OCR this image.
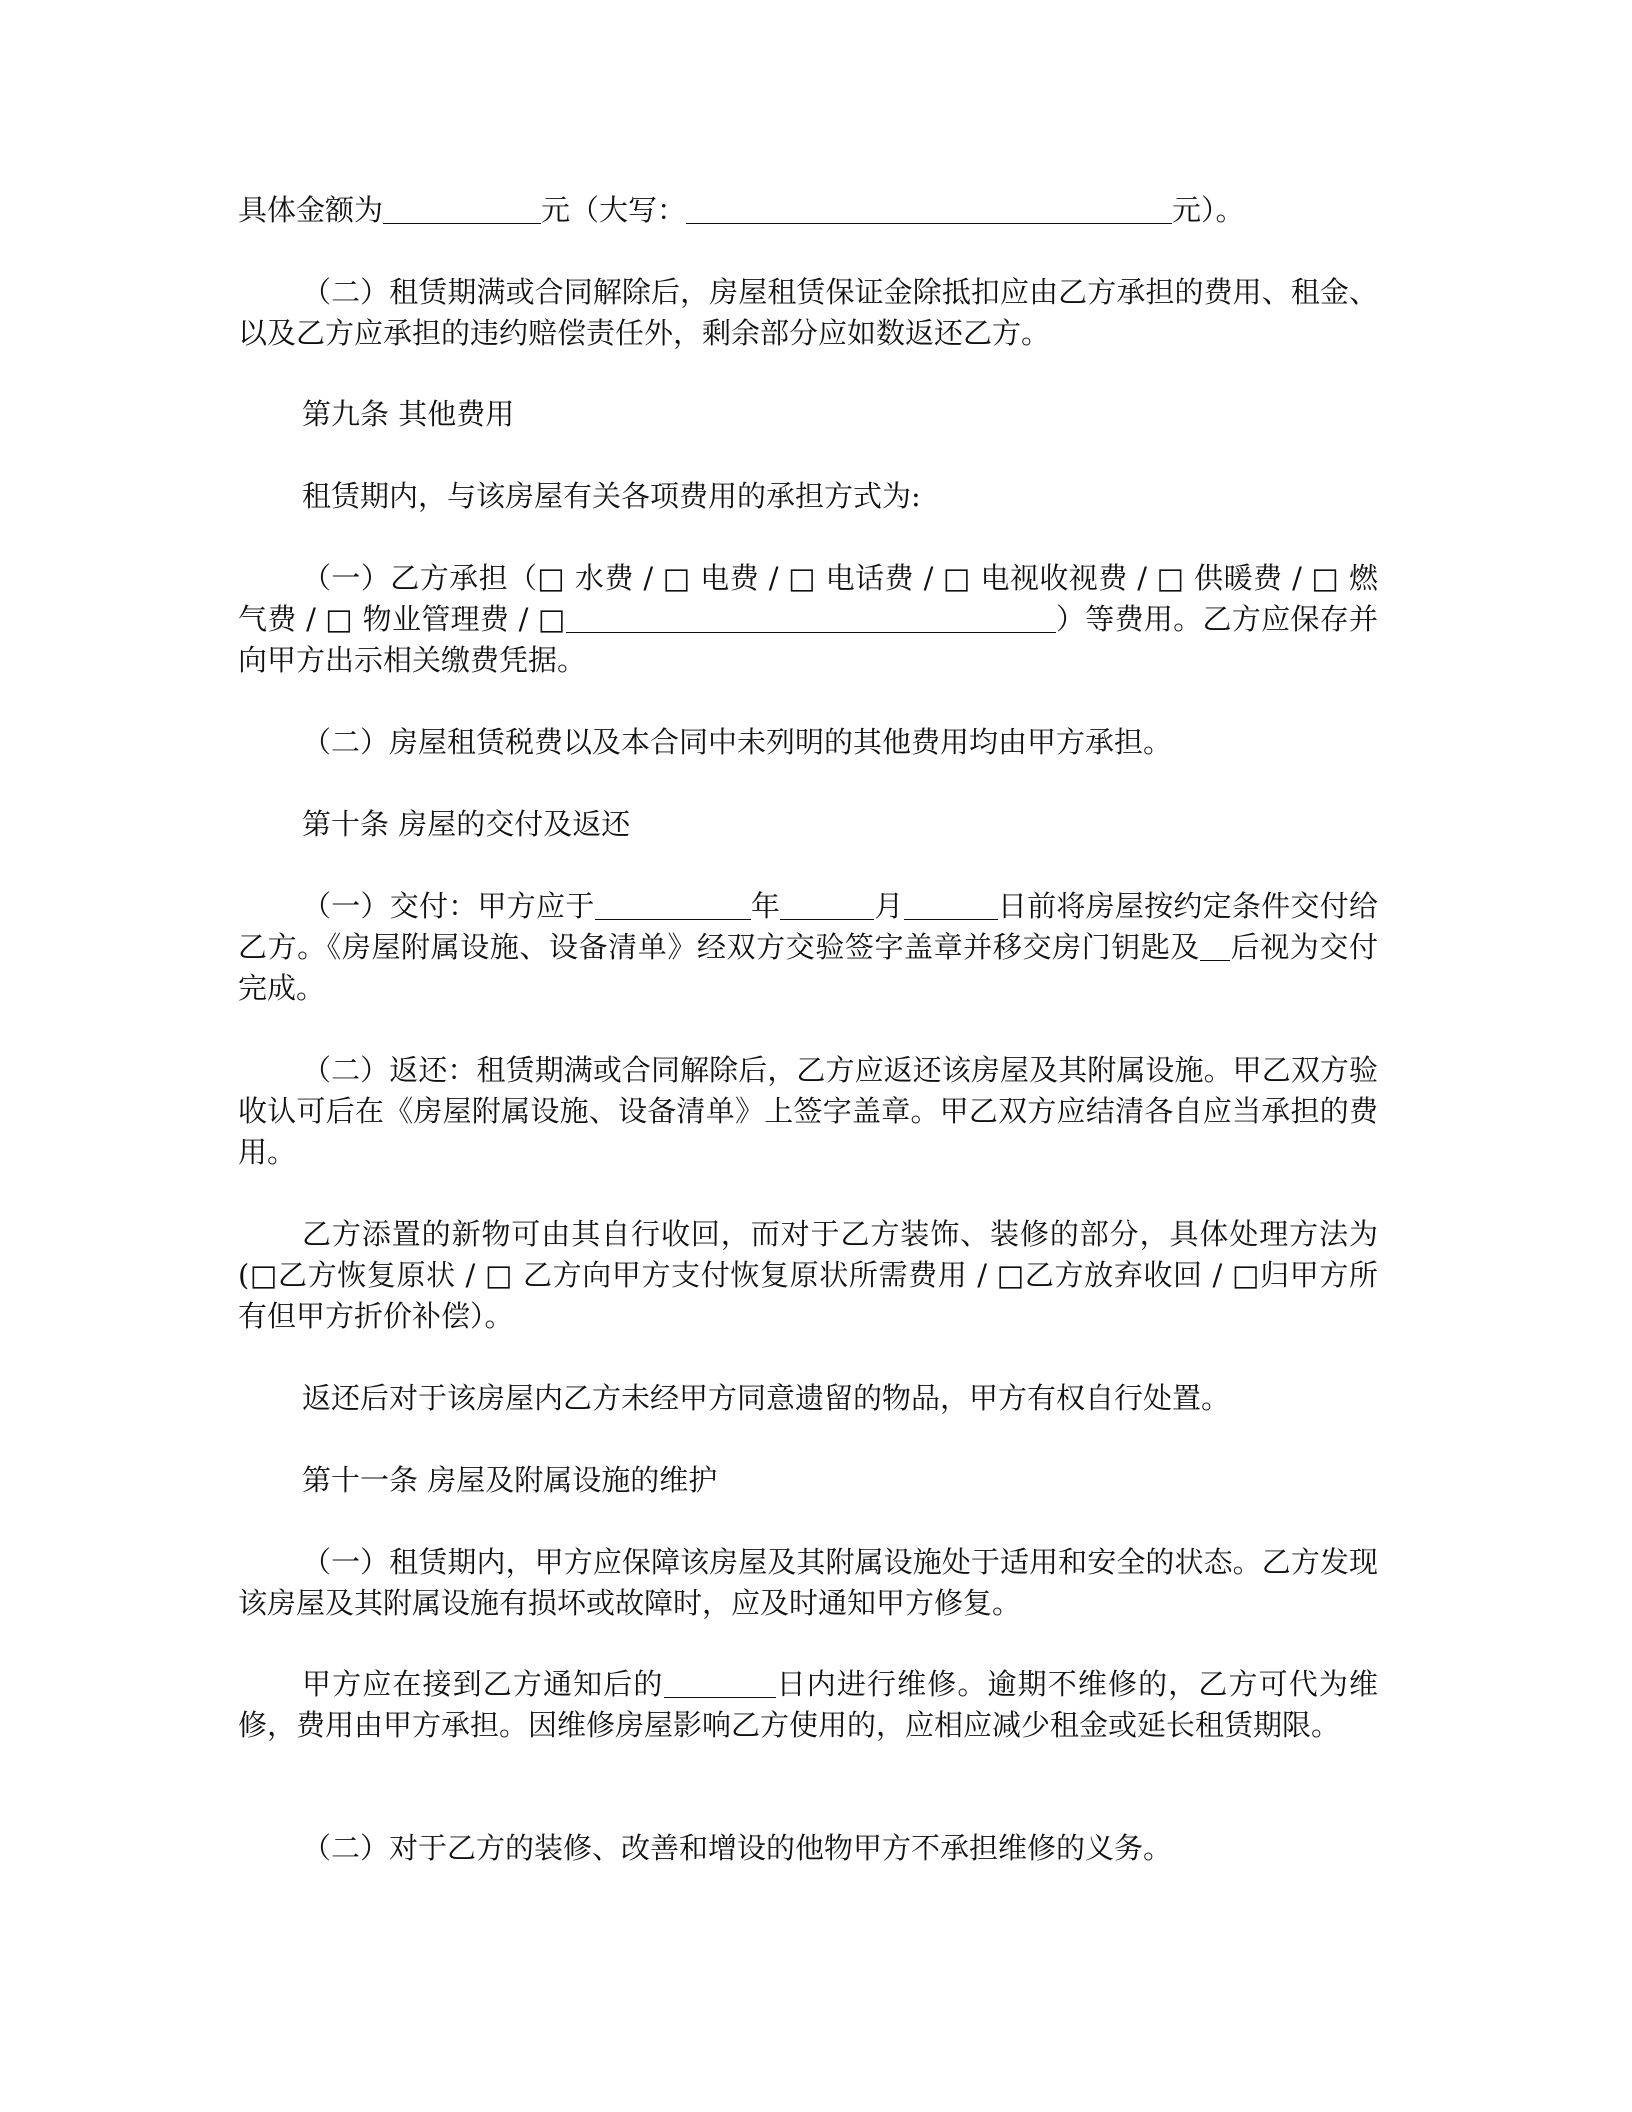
具体金额为	元（大写：	元）。
（二）租赁期满或合同解除后，房屋租赁保证金除抵扣应由乙方承担的费用、租金、以及乙方应承担的违约赔偿责任外，剩余部分应如数返还乙方。
第九条 其他费用
租赁期内，与该房屋有关各项费用的承担方式为:
（一）乙方承担（□ 水费 / □ 电费 / □ 电话费 / □ 电视收视费 / □ 供暖费 / □ 燃气费 / □ 物业管理费 / □	）等费用。乙方应保存并向甲方出示相关缴费凭据。
（二）房屋租赁税费以及本合同中未列明的其他费用均由甲方承担。
第十条 房屋的交付及返还
（一）交付：甲方应于	年	月	日前将房屋按约定条件交付给乙方。《房屋附属设施、设备清单》经双方交验签字盖章并移交房门钥匙及 后视为交付完成。
（二）返还：租赁期满或合同解除后，乙方应返还该房屋及其附属设施。甲乙双方验收认可后在《房屋附属设施、设备清单》上签字盖章。甲乙双方应结清各自应当承担的费用。
乙方添置的新物可由其自行收回，而对于乙方装饰、装修的部分，具体处理方法为(□乙方恢复原状 / □ 乙方向甲方支付恢复原状所需费用 / □乙方放弃收回 / □归甲方所有但甲方折价补偿）。
返还后对于该房屋内乙方未经甲方同意遗留的物品，甲方有权自行处置。
第十一条 房屋及附属设施的维护
（一）租赁期内，甲方应保障该房屋及其附属设施处于适用和安全的状态。乙方发现该房屋及其附属设施有损坏或故障时，应及时通知甲方修复。
甲方应在接到乙方通知后的	日内进行维修。逾期不维修的，乙方可代为维修，费用由甲方承担。因维修房屋影响乙方使用的，应相应减少租金或延长租赁期限。
（二）对于乙方的装修、改善和增设的他物甲方不承担维修的义务。
